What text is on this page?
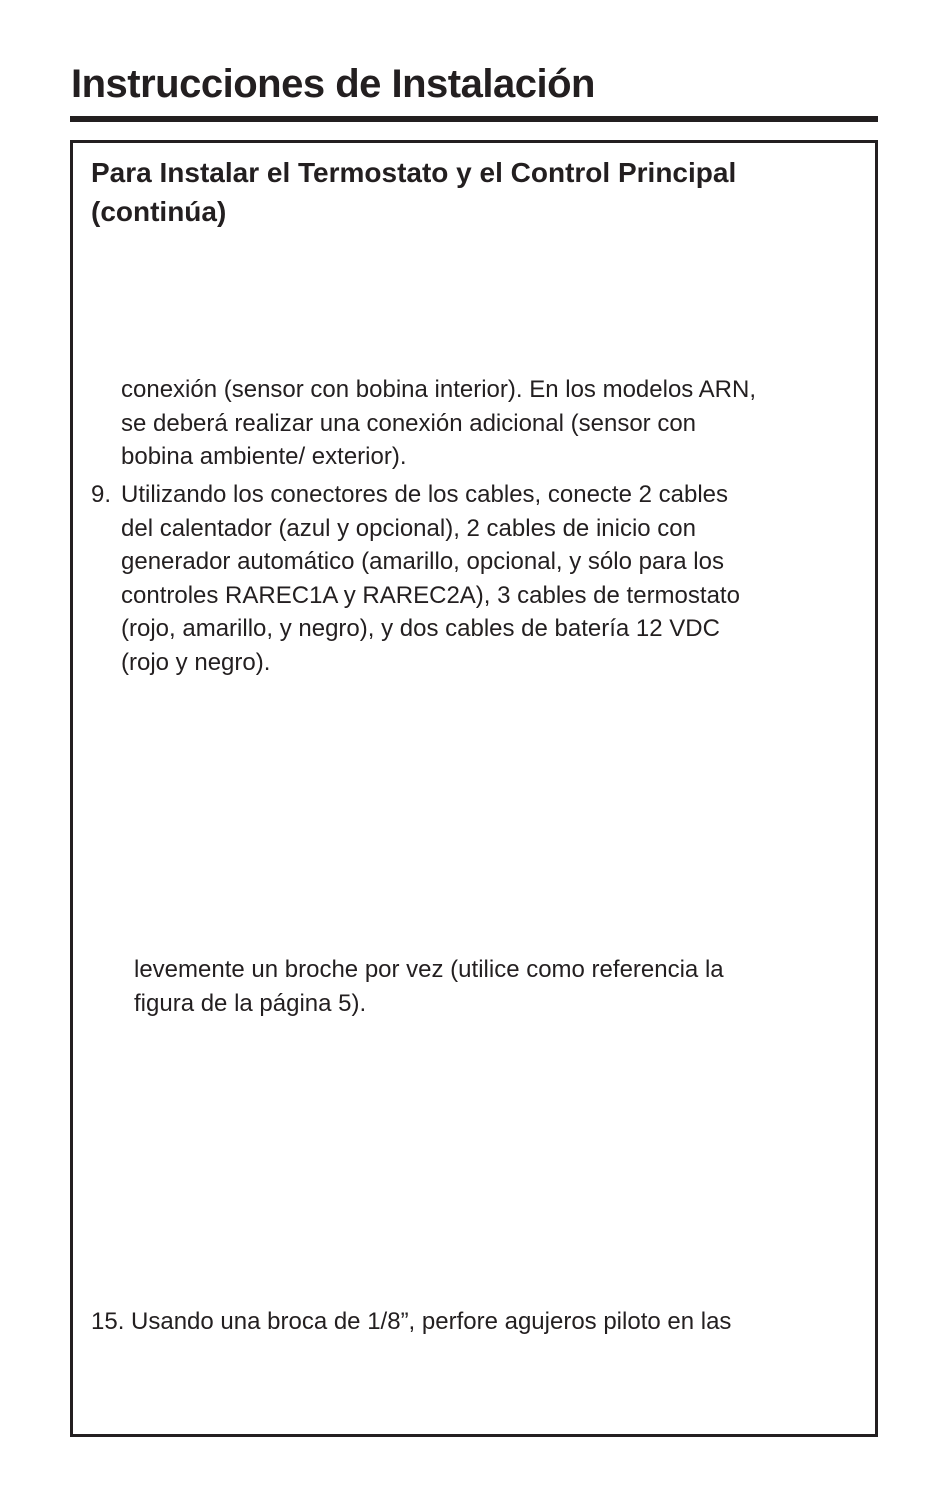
Instrucciones de Instalación
Para Instalar el Termostato y el Control Principal
(continúa)
conexión (sensor con bobina interior). En los modelos ARN,
se deberá realizar una conexión adicional (sensor con
bobina ambiente/ exterior).
9. Utilizando los conectores de los cables, conecte 2 cables
del calentador (azul y opcional), 2 cables de inicio con
generador automático (amarillo, opcional, y sólo para los
controles RAREC1A y RAREC2A), 3 cables de termostato
(rojo, amarillo, y negro), y dos cables de batería 12 VDC
(rojo y negro).
levemente un broche por vez (utilice como referencia la
figura de la página 5).
15. Usando una broca de 1/8”, perfore agujeros piloto en las
